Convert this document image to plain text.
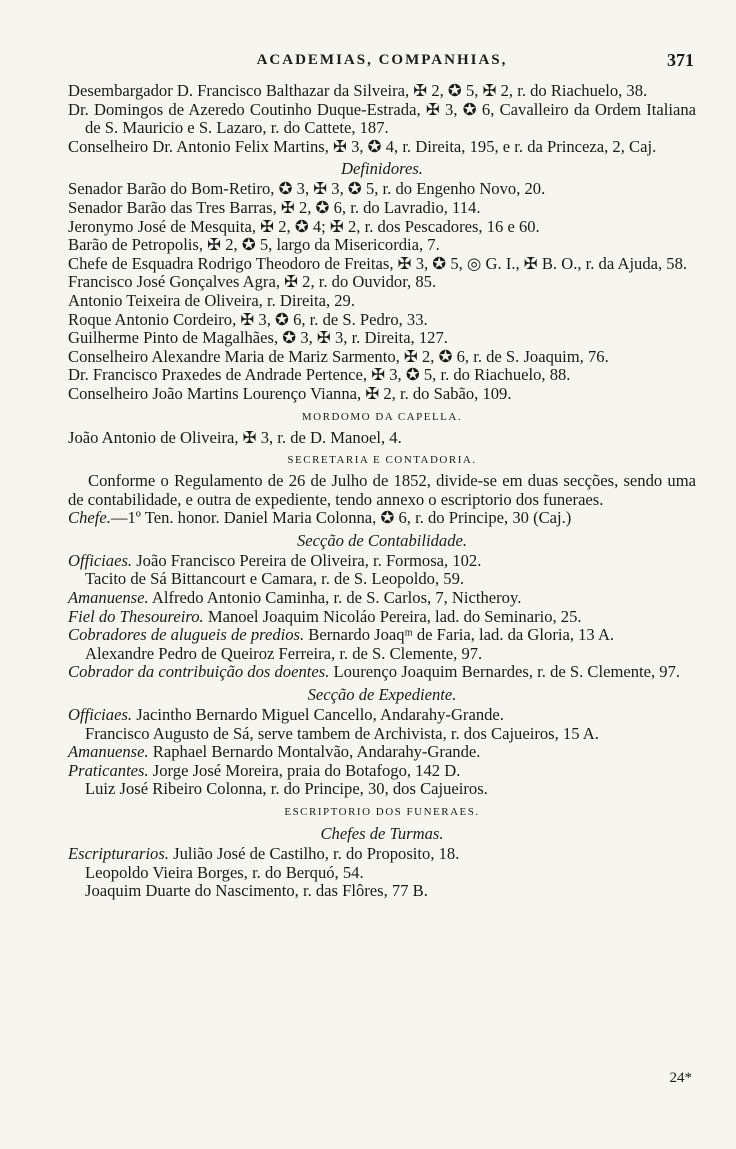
ACADEMIAS, COMPANHIAS,	371

Desembargador D. Francisco Balthazar da Silveira, ✠ 2, ✪ 5, ✠ 2, r. do Riachuelo, 38.

Dr. Domingos de Azeredo Coutinho Duque-Estrada, ✠ 3, ✪ 6, Cavalleiro da Ordem Italiana de S. Mauricio e S. Lazaro, r. do Cattete, 187.

Conselheiro Dr. Antonio Felix Martins, ✠ 3, ✪ 4, r. Direita, 195, e r. da Princeza, 2, Caj.

Definidores.

Senador Barão do Bom-Retiro, ✪ 3, ✠ 3, ✪ 5, r. do Engenho Novo, 20.

Senador Barão das Tres Barras, ✠ 2, ✪ 6, r. do Lavradio, 114.

Jeronymo José de Mesquita, ✠ 2, ✪ 4; ✠ 2, r. dos Pescadores, 16 e 60.

Barão de Petropolis, ✠ 2, ✪ 5, largo da Misericordia, 7.

Chefe de Esquadra Rodrigo Theodoro de Freitas, ✠ 3, ✪ 5, ◎ G. I., ✠ B. O., r. da Ajuda, 58.

Francisco José Gonçalves Agra, ✠ 2, r. do Ouvidor, 85.

Antonio Teixeira de Oliveira, r. Direita, 29.

Roque Antonio Cordeiro, ✠ 3, ✪ 6, r. de S. Pedro, 33.

Guilherme Pinto de Magalhães, ✪ 3, ✠ 3, r. Direita, 127.

Conselheiro Alexandre Maria de Mariz Sarmento, ✠ 2, ✪ 6, r. de S. Joaquim, 76.

Dr. Francisco Praxedes de Andrade Pertence, ✠ 3, ✪ 5, r. do Riachuelo, 88.

Conselheiro João Martins Lourenço Vianna, ✠ 2, r. do Sabão, 109.

MORDOMO DA CAPELLA.

João Antonio de Oliveira, ✠ 3, r. de D. Manoel, 4.

SECRETARIA E CONTADORIA.

Conforme o Regulamento de 26 de Julho de 1852, divide-se em duas secções, sendo uma de contabilidade, e outra de expediente, tendo annexo o escriptorio dos funeraes.

Chefe.—1º Ten. honor. Daniel Maria Colonna, ✪ 6, r. do Principe, 30 (Caj.)

Secção de Contabilidade.

Officiaes. João Francisco Pereira de Oliveira, r. Formosa, 102.

Tacito de Sá Bittancourt e Camara, r. de S. Leopoldo, 59.

Amanuense. Alfredo Antonio Caminha, r. de S. Carlos, 7, Nictheroy.

Fiel do Thesoureiro. Manoel Joaquim Nicoláo Pereira, lad. do Seminario, 25.

Cobradores de alugueis de predios. Bernardo Joaqᵐ de Faria, lad. da Gloria, 13 A.

Alexandre Pedro de Queiroz Ferreira, r. de S. Clemente, 97.

Cobrador da contribuição dos doentes. Lourenço Joaquim Bernardes, r. de S. Clemente, 97.

Secção de Expediente.

Officiaes. Jacintho Bernardo Miguel Cancello, Andarahy-Grande.

Francisco Augusto de Sá, serve tambem de Archivista, r. dos Cajueiros, 15 A.

Amanuense. Raphael Bernardo Montalvão, Andarahy-Grande.

Praticantes. Jorge José Moreira, praia do Botafogo, 142 D.

Luiz José Ribeiro Colonna, r. do Principe, 30, dos Cajueiros.

ESCRIPTORIO DOS FUNERAES.
Chefes de Turmas.

Escripturarios. Julião José de Castilho, r. do Proposito, 18.

Leopoldo Vieira Borges, r. do Berquó, 54.

Joaquim Duarte do Nascimento, r. das Flôres, 77 B.

24*
